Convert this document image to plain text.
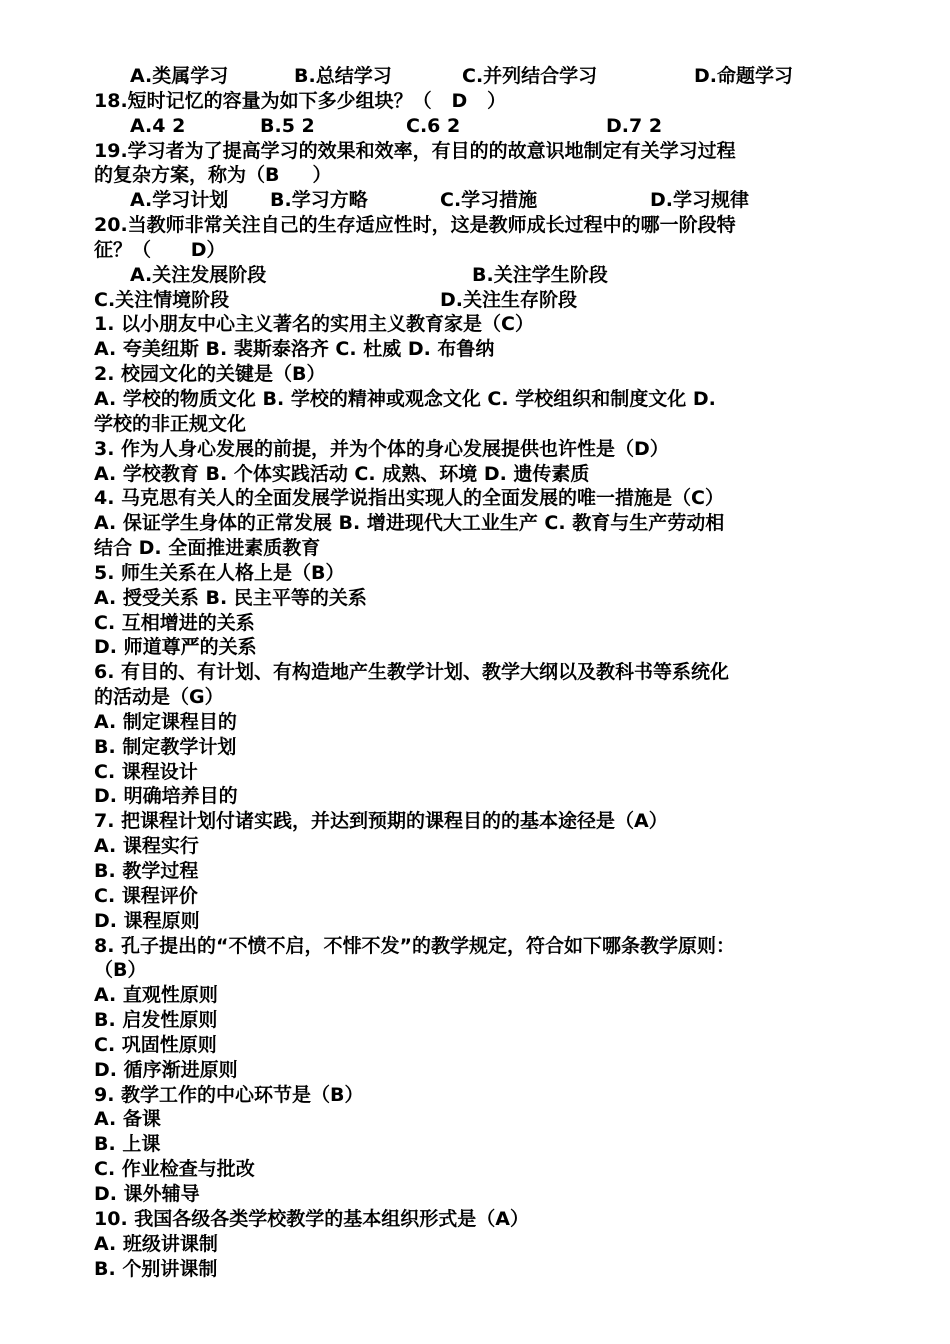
A.类属学习	B.总结学习	C.并列结合学习	D.命题学习
18.短时记忆的容量为如下多少组块？（   D   ）
A.4 2	B.5 2	C.6 2	D.7 2
19.学习者为了提高学习的效果和效率，有目的的故意识地制定有关学习过程
的复杂方案，称为（B     ）
A.学习计划 B.学习方略	C.学习措施	D.学习规律
20.当教师非常关注自己的生存适应性时，这是教师成长过程中的哪一阶段特
征？（      D）
A.关注发展阶段	B.关注学生阶段
C.关注情境阶段	D.关注生存阶段
1. 以小朋友中心主义著名的实用主义教育家是（C）
A. 夸美纽斯 B. 裴斯泰洛齐 C. 杜威 D. 布鲁纳
2. 校园文化的关键是（B）
A. 学校的物质文化 B. 学校的精神或观念文化 C. 学校组织和制度文化 D.
学校的非正规文化
3. 作为人身心发展的前提，并为个体的身心发展提供也许性是（D）
A. 学校教育 B. 个体实践活动 C. 成熟、环境 D. 遗传素质
4. 马克思有关人的全面发展学说指出实现人的全面发展的唯一措施是（C）
A. 保证学生身体的正常发展 B. 增进现代大工业生产 C. 教育与生产劳动相
结合 D. 全面推进素质教育
5. 师生关系在人格上是（B）
A. 授受关系 B. 民主平等的关系
C. 互相增进的关系
D. 师道尊严的关系
6. 有目的、有计划、有构造地产生教学计划、教学大纲以及教科书等系统化
的活动是（G）
A. 制定课程目的
B. 制定教学计划
C. 课程设计
D. 明确培养目的
7. 把课程计划付诸实践，并达到预期的课程目的的基本途径是（A）
A. 课程实行
B. 教学过程
C. 课程评价
D. 课程原则
8. 孔子提出的“不愤不启，不悱不发”的教学规定，符合如下哪条教学原则：
（B）
A. 直观性原则
B. 启发性原则
C. 巩固性原则
D. 循序渐进原则
9. 教学工作的中心环节是（B）
A. 备课
B. 上课
C. 作业检查与批改
D. 课外辅导
10. 我国各级各类学校教学的基本组织形式是（A）
A. 班级讲课制
B. 个别讲课制
